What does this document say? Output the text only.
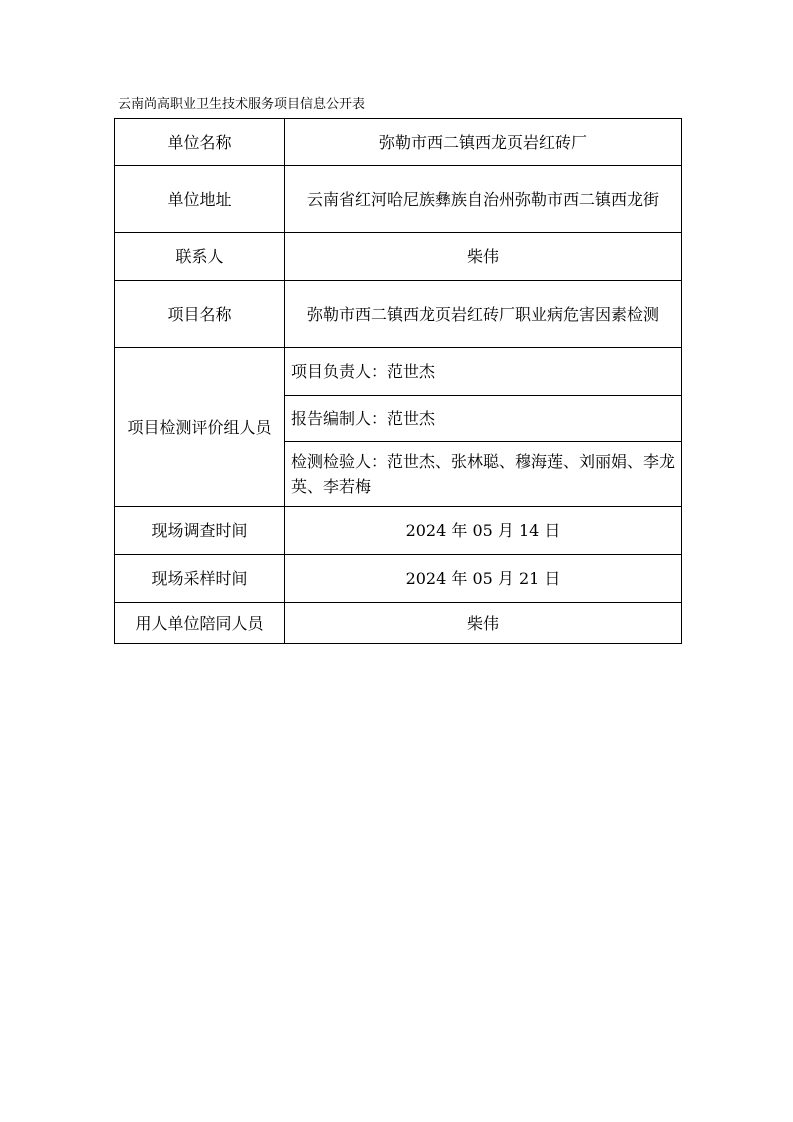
云南尚高职业卫生技术服务项目信息公开表
单位名称	弥勒市西二镇西龙页岩红砖厂
单位地址	云南省红河哈尼族彝族自治州弥勒市西二镇西龙街
联系人	柴伟
项目名称	弥勒市西二镇西龙页岩红砖厂职业病危害因素检测
项目检测评价组人员	项目负责人：范世杰
	报告编制人：范世杰
	检测检验人：范世杰、张林聪、穆海莲、刘丽娟、李龙英、李若梅
现场调查时间	2024 年 05 月 14 日
现场采样时间	2024 年 05 月 21 日
用人单位陪同人员	柴伟
